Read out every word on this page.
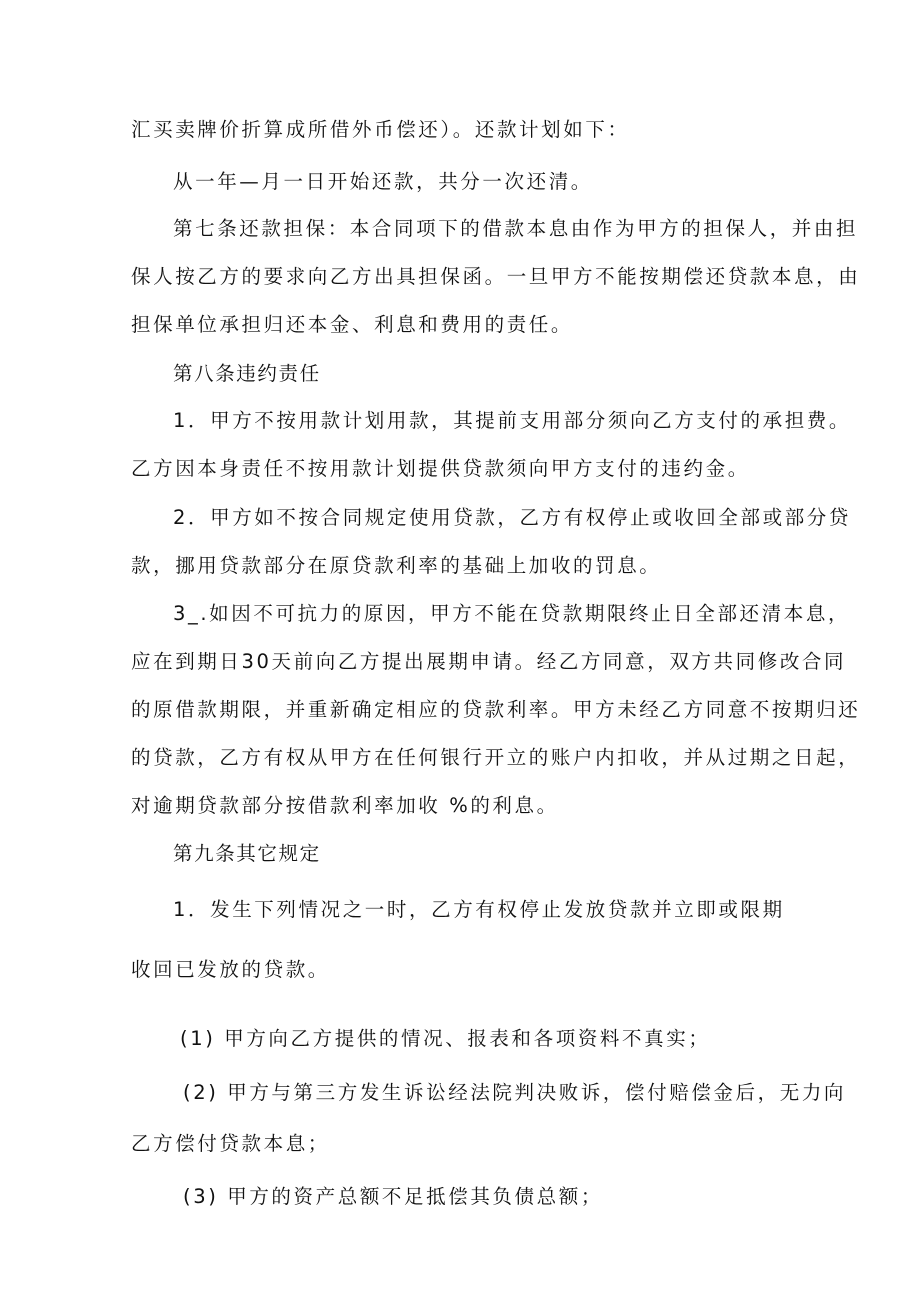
汇买卖牌价折算成所借外币偿还）。还款计划如下：
从一年—月一日开始还款，共分一次还清。
第七条还款担保：本合同项下的借款本息由作为甲方的担保人，并由担
保人按乙方的要求向乙方出具担保函。一旦甲方不能按期偿还贷款本息，由
担保单位承担归还本金、利息和费用的责任。
第八条违约责任
1．甲方不按用款计划用款，其提前支用部分须向乙方支付的承担费。
乙方因本身责任不按用款计划提供贷款须向甲方支付的违约金。
2．甲方如不按合同规定使用贷款，乙方有权停止或收回全部或部分贷
款，挪用贷款部分在原贷款利率的基础上加收的罚息。
3_.如因不可抗力的原因，甲方不能在贷款期限终止日全部还清本息，
应在到期日30天前向乙方提出展期申请。经乙方同意，双方共同修改合同
的原借款期限，并重新确定相应的贷款利率。甲方未经乙方同意不按期归还
的贷款，乙方有权从甲方在任何银行开立的账户内扣收，并从过期之日起，
对逾期贷款部分按借款利率加收 %的利息。
第九条其它规定
1．发生下列情况之一时，乙方有权停止发放贷款并立即或限期
收回已发放的贷款。
(1) 甲方向乙方提供的情况、报表和各项资料不真实；
(2) 甲方与第三方发生诉讼经法院判决败诉，偿付赔偿金后，无力向
乙方偿付贷款本息；
(3) 甲方的资产总额不足抵偿其负债总额；
